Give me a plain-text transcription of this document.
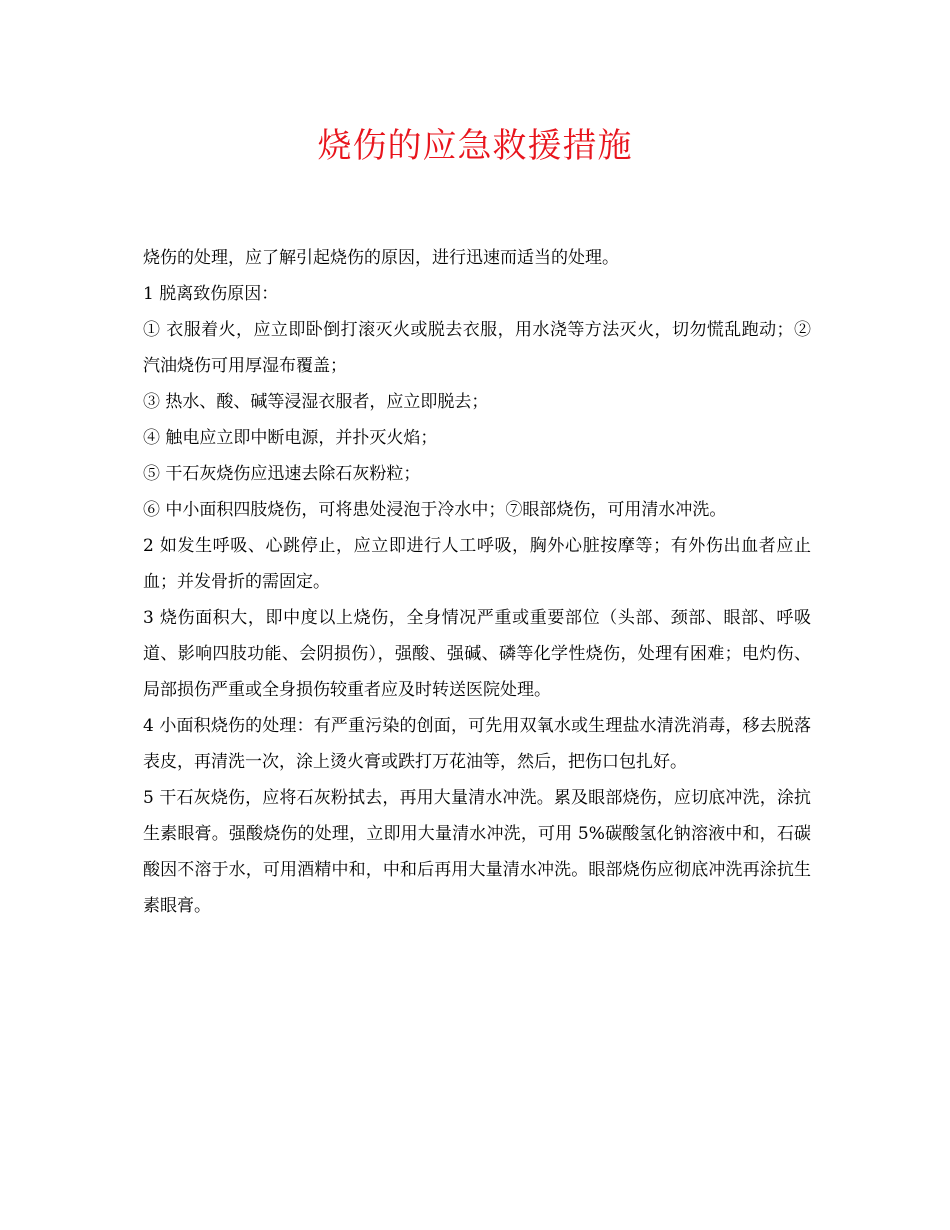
烧伤的应急救援措施

烧伤的处理，应了解引起烧伤的原因，进行迅速而适当的处理。

1 脱离致伤原因：

① 衣服着火，应立即卧倒打滚灭火或脱去衣服，用水浇等方法灭火，切勿慌乱跑动；②汽油烧伤可用厚湿布覆盖；

③ 热水、酸、碱等浸湿衣服者，应立即脱去；

④ 触电应立即中断电源，并扑灭火焰；

⑤ 干石灰烧伤应迅速去除石灰粉粒；

⑥ 中小面积四肢烧伤，可将患处浸泡于冷水中；⑦眼部烧伤，可用清水冲洗。

2 如发生呼吸、心跳停止，应立即进行人工呼吸，胸外心脏按摩等；有外伤出血者应止血；并发骨折的需固定。

3 烧伤面积大，即中度以上烧伤，全身情况严重或重要部位（头部、颈部、眼部、呼吸道、影响四肢功能、会阴损伤），强酸、强碱、磷等化学性烧伤，处理有困难；电灼伤、局部损伤严重或全身损伤较重者应及时转送医院处理。

4 小面积烧伤的处理：有严重污染的创面，可先用双氧水或生理盐水清洗消毒，移去脱落表皮，再清洗一次，涂上烫火膏或跌打万花油等，然后，把伤口包扎好。

5 干石灰烧伤，应将石灰粉拭去，再用大量清水冲洗。累及眼部烧伤，应切底冲洗，涂抗生素眼膏。强酸烧伤的处理，立即用大量清水冲洗，可用 5%碳酸氢化钠溶液中和，石碳酸因不溶于水，可用酒精中和，中和后再用大量清水冲洗。眼部烧伤应彻底冲洗再涂抗生素眼膏。
